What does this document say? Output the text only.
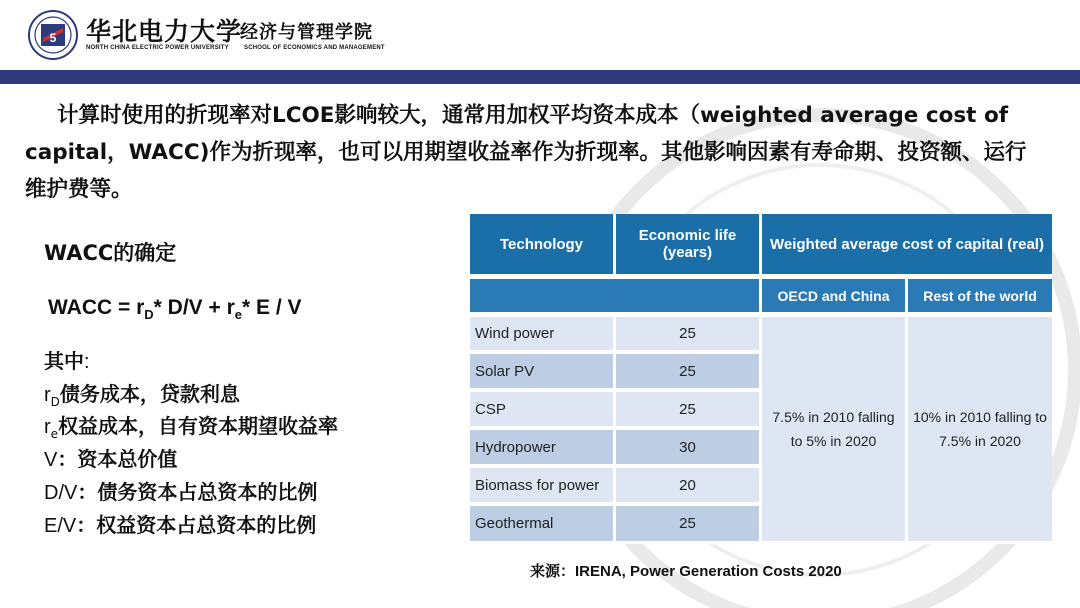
5 华北电力大学
经济与管理学院
NORTH CHINA ELECTRIC POWER UNIVERSITY	SCHOOL OF ECONOMICS AND MANAGEMENT

计算时使用的折现率对LCOE影响较大，通常用加权平均资本成本（weighted average cost of capital，WACC)作为折现率，也可以用期望收益率作为折现率。其他影响因素有寿命期、投资额、运行维护费等。

WACC的确定
WACC = $r_D*$ $D/V + r_e*$ E / V
其中:
$r_D$债务成本，贷款利息
$r_e$权益成本，自有资本期望收益率
V：资本总价值
D/V：债务资本占总资本的比例
E/V：权益资本占总资本的比例
Technology	Economic life (years)	Weighted average cost of capital (real)
OECD and China	Rest of the world
Wind power	25
Solar PV	25
CSP	25
Hydropower	30
Biomass for power	20
Geothermal	25
7.5% in 2010 falling to 5% in 2020
10% in 2010 falling to 7.5% in 2020
来源：IRENA, Power Generation Costs 2020
